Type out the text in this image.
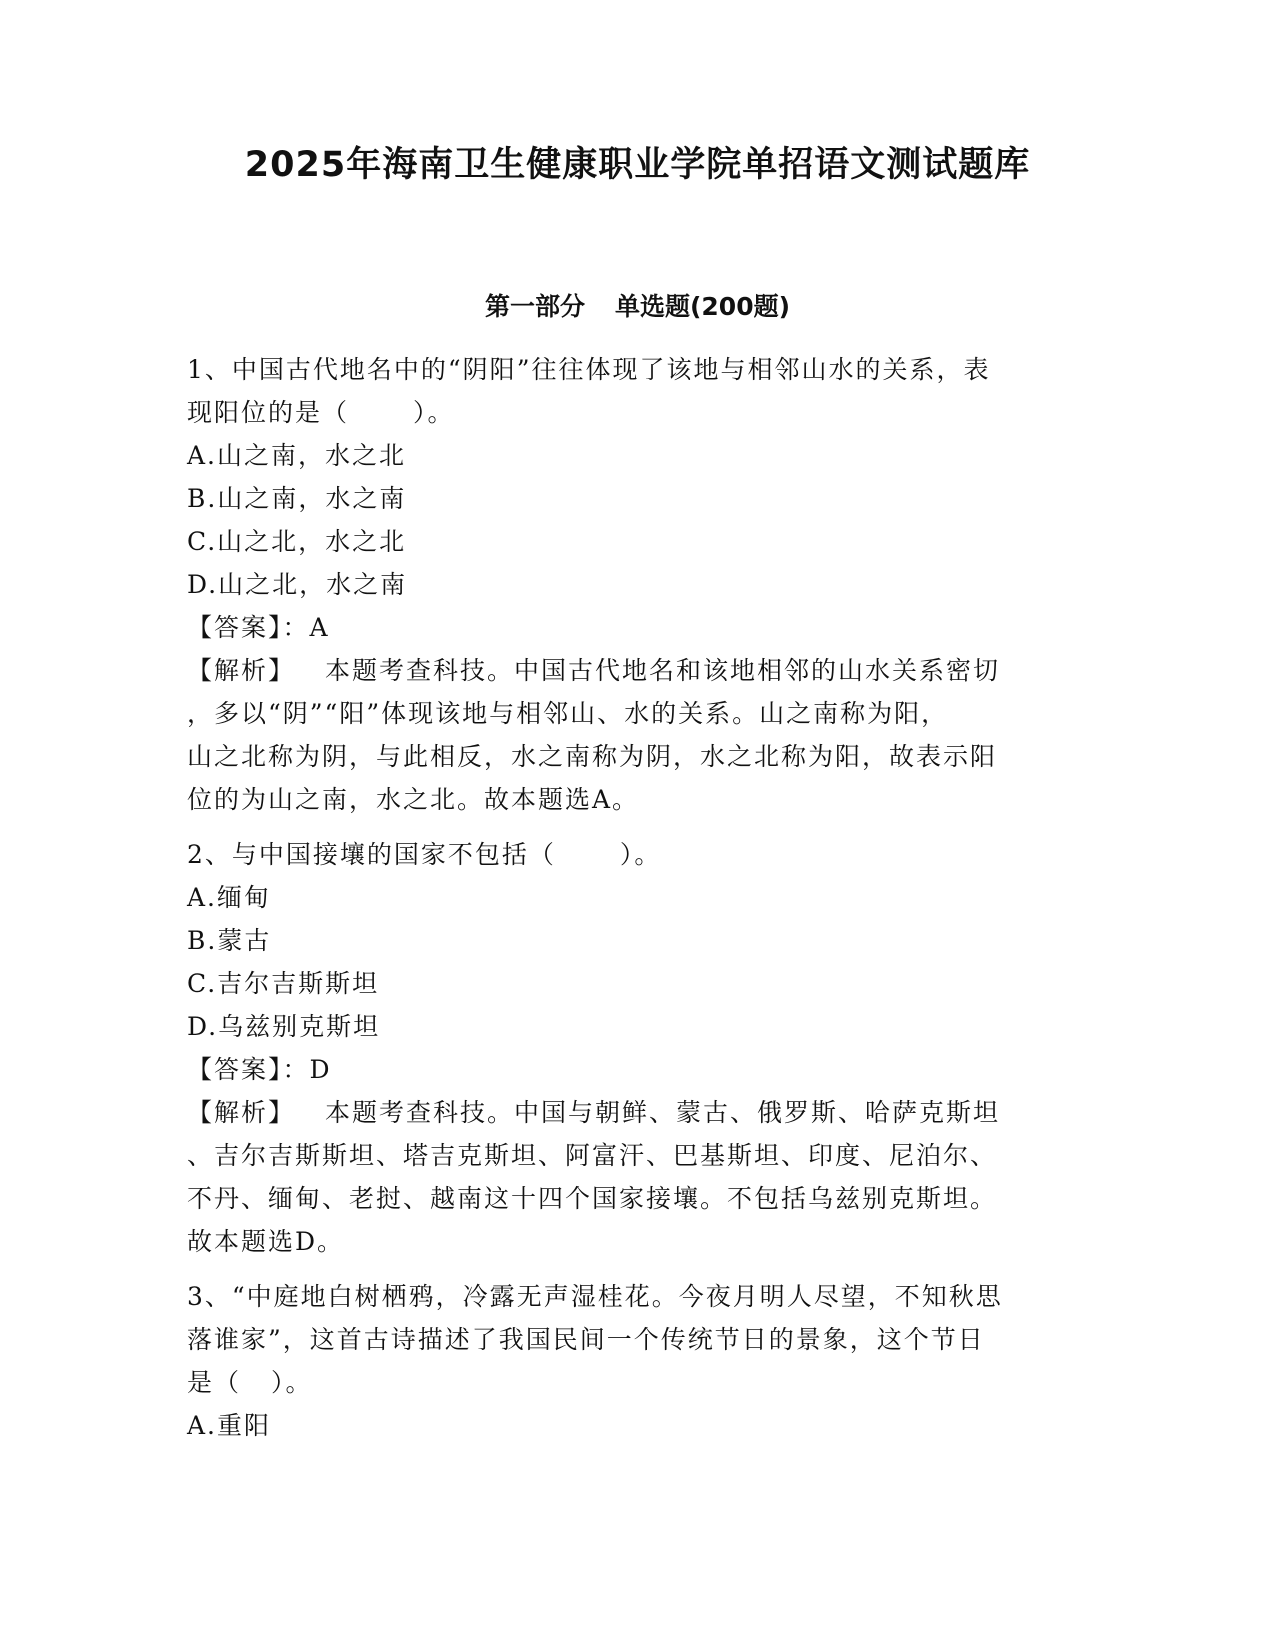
2025年海南卫生健康职业学院单招语文测试题库
第一部分 单选题(200题)
1、中国古代地名中的“阴阳”往往体现了该地与相邻山水的关系，表
现阳位的是（	）。
A.山之南，水之北
B.山之南，水之南
C.山之北，水之北
D.山之北，水之南
【答案】：A
【解析】 本题考查科技。中国古代地名和该地相邻的山水关系密切
，多以“阴”“阳”体现该地与相邻山、水的关系。山之南称为阳，
山之北称为阴，与此相反，水之南称为阴，水之北称为阳，故表示阳
位的为山之南，水之北。故本题选A。
2、与中国接壤的国家不包括（	）。
A.缅甸
B.蒙古
C.吉尔吉斯斯坦
D.乌兹别克斯坦
【答案】：D
【解析】 本题考查科技。中国与朝鲜、蒙古、俄罗斯、哈萨克斯坦
、吉尔吉斯斯坦、塔吉克斯坦、阿富汗、巴基斯坦、印度、尼泊尔、
不丹、缅甸、老挝、越南这十四个国家接壤。不包括乌兹别克斯坦。
故本题选D。
3、“中庭地白树栖鸦，冷露无声湿桂花。今夜月明人尽望，不知秋思
落谁家”，这首古诗描述了我国民间一个传统节日的景象，这个节日
是（ ）。
A.重阳
